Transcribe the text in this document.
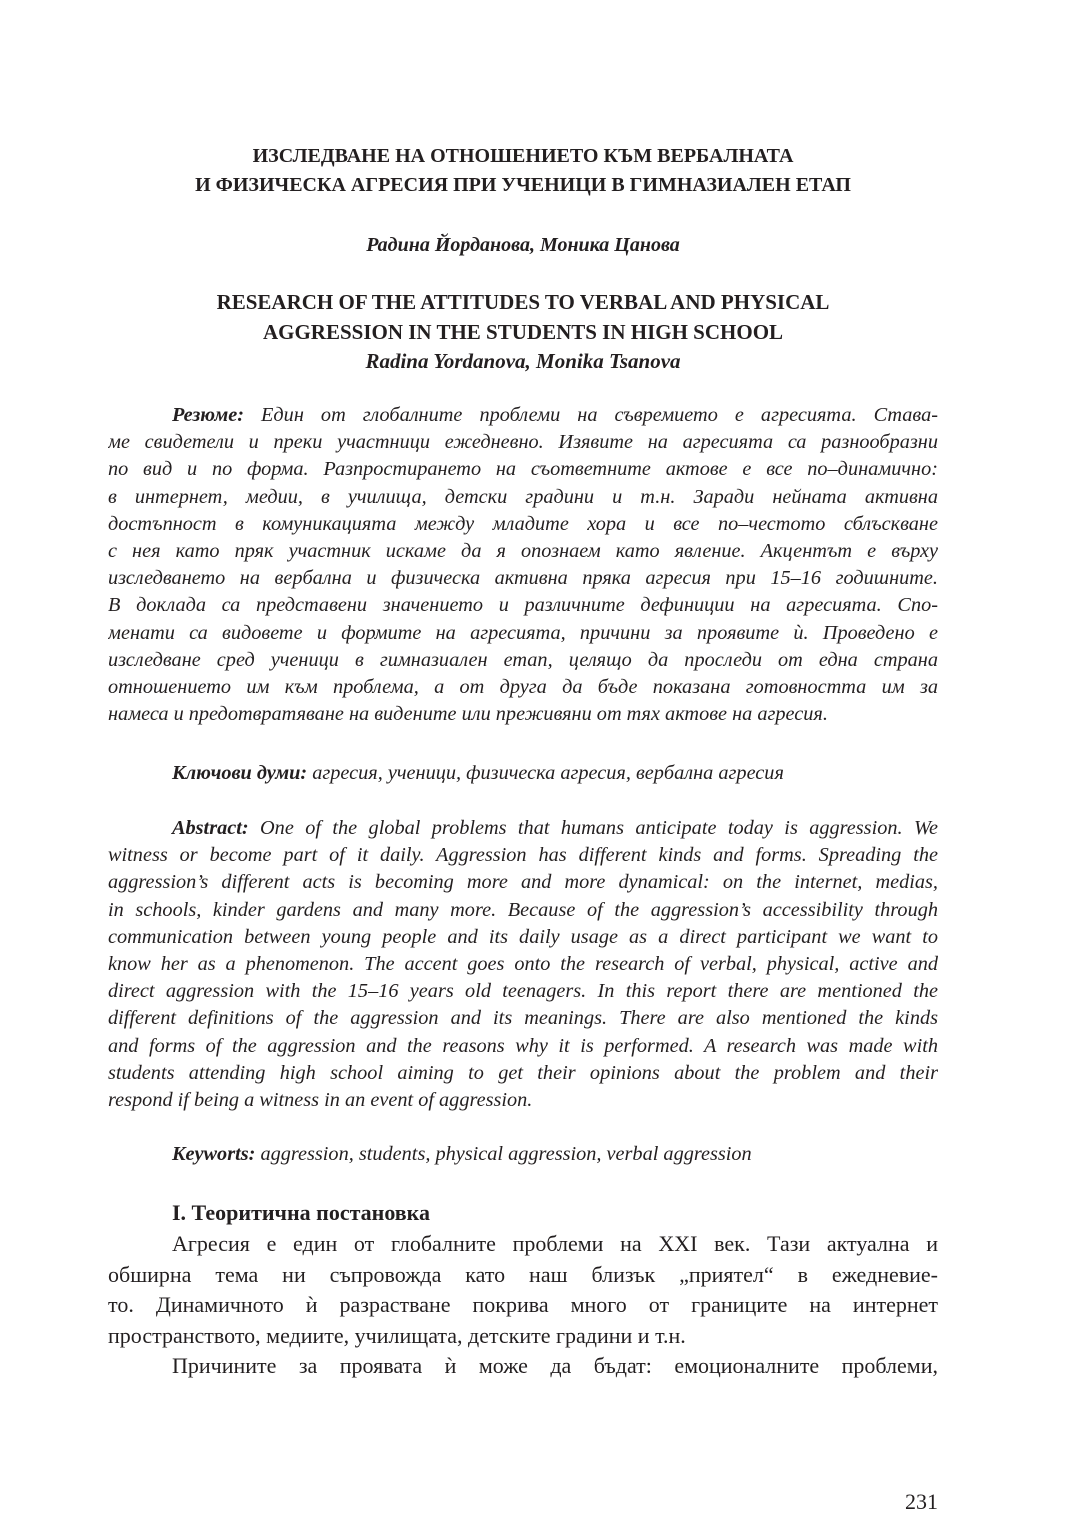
ИЗСЛЕДВАНЕ НА ОТНОШЕНИЕТО КЪМ ВЕРБАЛНАТА
И ФИЗИЧЕСКА АГРЕСИЯ ПРИ УЧЕНИЦИ В ГИМНАЗИАЛЕН ЕТАП
Радина Йорданова, Моника Цанова
RESEARCH OF THE ATTITUDES TO VERBAL AND PHYSICAL
AGGRESSION IN THE STUDENTS IN HIGH SCHOOL
Radina Yordanova, Monika Tsanova
Резюме: Един от глобалните проблеми на съвремието е агресията. Става-
ме свидетели и преки участници ежедневно. Изявите на агресията са разнообразни
по вид и по форма. Разпростирането на съответните актове е все по–динамично:
в интернет, медии, в училища, детски градини и т.н. Заради нейната активна
достъпност в комуникацията между младите хора и все по–честото сблъскване
с нея като пряк участник искаме да я опознаем като явление. Акцентът е върху
изследването на вербална и физическа активна пряка агресия при 15–16 годишните.
В доклада са представени значението и различните дефиниции на агресията. Спо-
менати са видовете и формите на агресията, причини за проявите ѝ. Проведено е
изследване сред ученици в гимназиален етап, целящо да проследи от една страна
отношението им към проблема, а от друга да бъде показана готовността им за
намеса и предотвратяване на видените или преживяни от тях актове на агресия.
Ключови думи: агресия, ученици, физическа агресия, вербална агресия
Abstract: One of the global problems that humans anticipate today is aggression. We
witness or become part of it daily. Aggression has different kinds and forms. Spreading the
aggression’s different acts is becoming more and more dynamical: on the internet, medias,
in schools, kinder gardens and many more. Because of the aggression’s accessibility through
communication between young people and its daily usage as a direct participant we want to
know her as a phenomenon. The accent goes onto the research of verbal, physical, active and
direct aggression with the 15–16 years old teenagers. In this report there are mentioned the
different definitions of the aggression and its meanings. There are also mentioned the kinds
and forms of the aggression and the reasons why it is performed. A research was made with
students attending high school aiming to get their opinions about the problem and their
respond if being a witness in an event of aggression.
Keyworts: aggression, students, physical aggression, verbal aggression
I. Теоритична постановка
Агресия е един от глобалните проблеми на XXI век. Тази актуална и
обширна тема ни съпровожда като наш близък „приятел“ в ежедневие-
то. Динамичното ѝ разрастване покрива много от границите на интернет
пространството, медиите, училищата, детските градини и т.н.
Причините за проявата ѝ може да бъдат: емоционалните проблеми,
231
